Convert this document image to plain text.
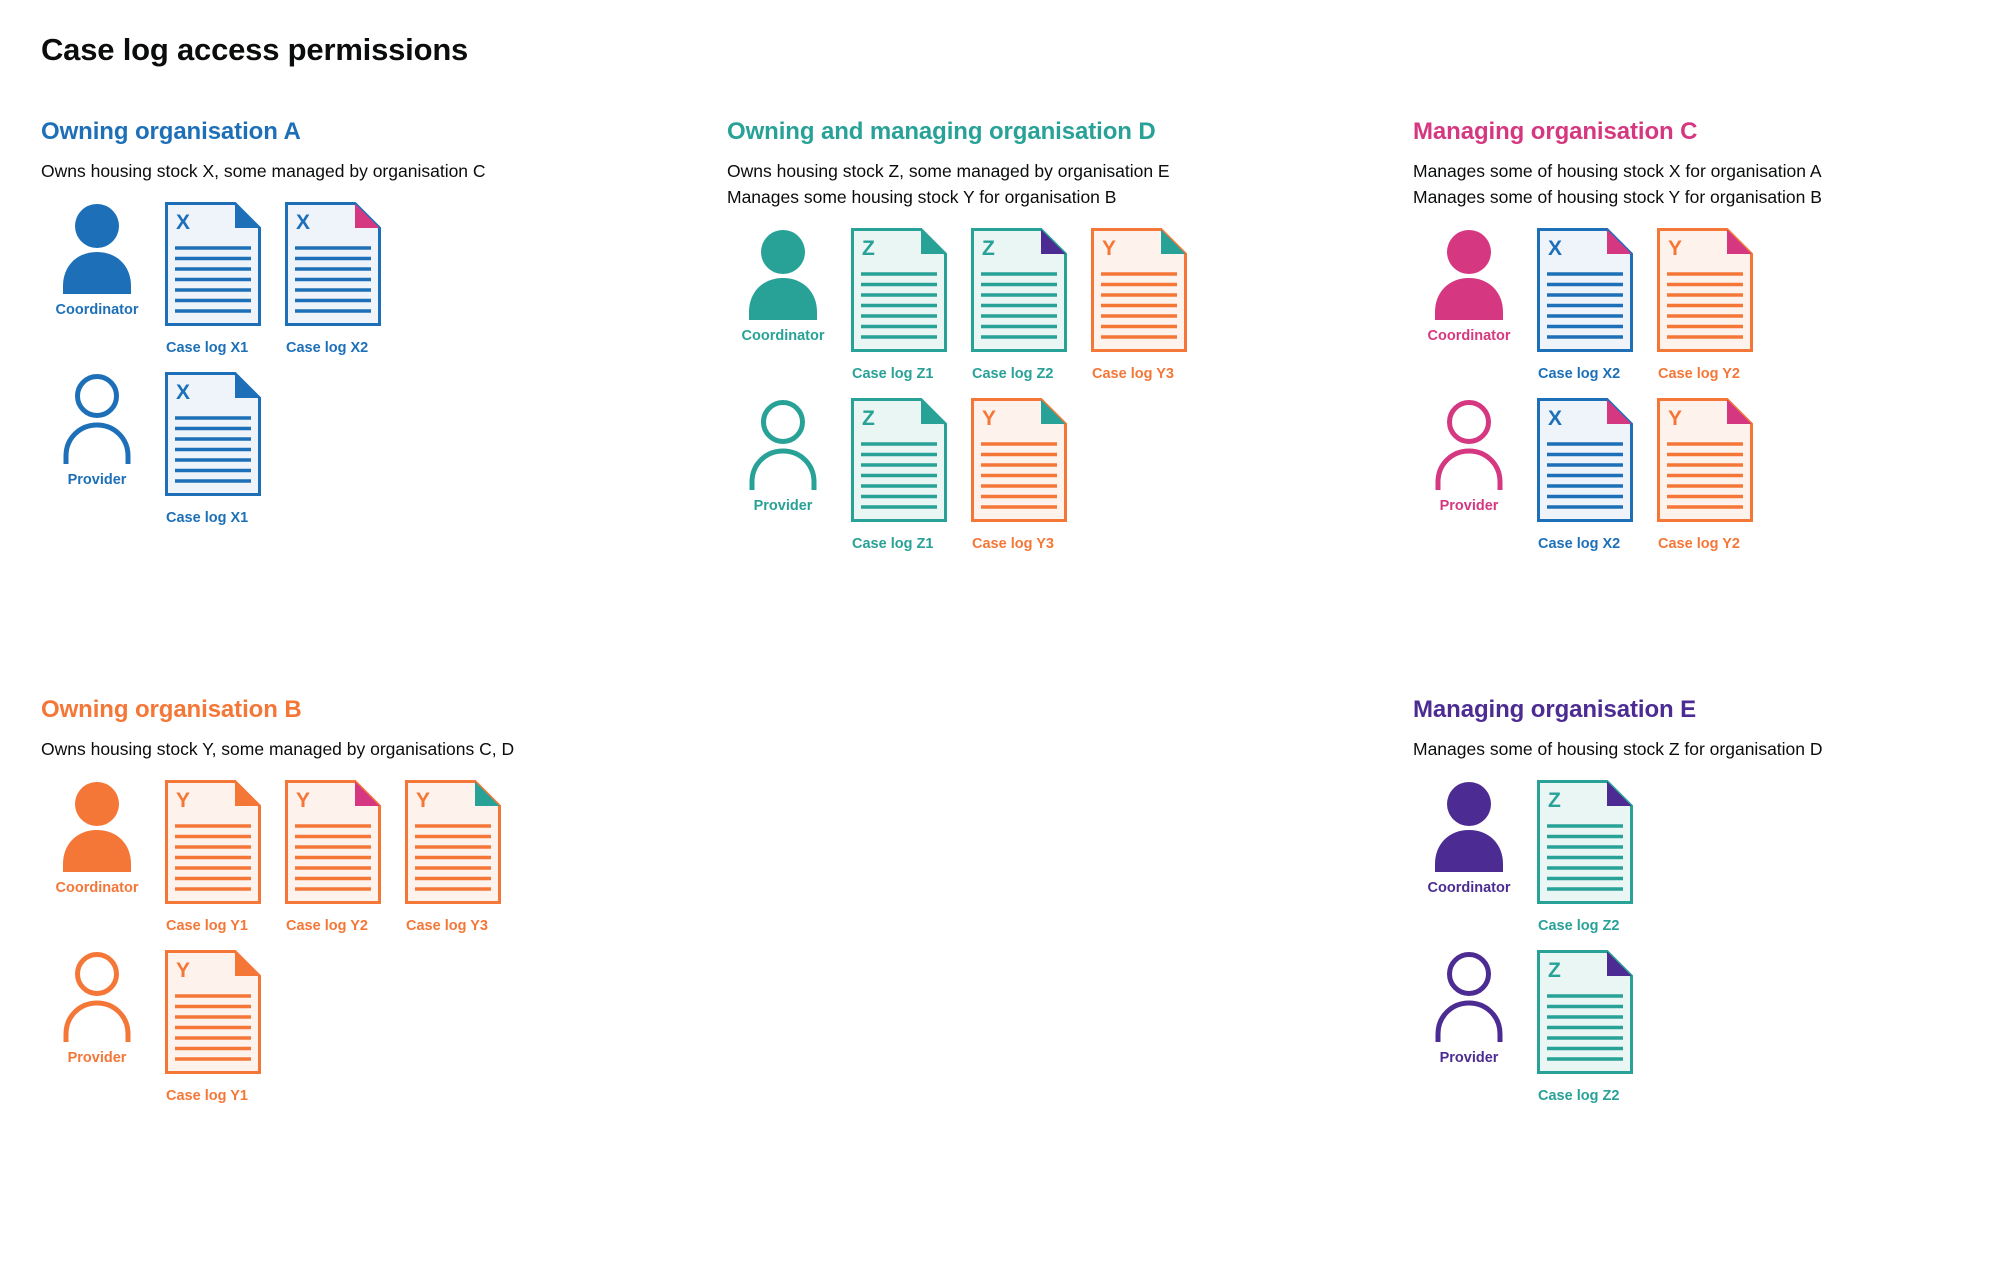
Case log access permissions
Owning organisation A
Owns housing stock X, some managed by organisation C
Coordinator
X
Case log X1
X
Case log X2
Provider
X
Case log X1
Owning and managing organisation D
Owns housing stock Z, some managed by organisation E
Manages some housing stock Y for organisation B
Coordinator
Z
Case log Z1
Z
Case log Z2
Y
Case log Y3
Provider
Z
Case log Z1
Y
Case log Y3
Managing organisation C
Manages some of housing stock X for organisation A
Manages some of housing stock Y for organisation B
Coordinator
X
Case log X2
Y
Case log Y2
Provider
X
Case log X2
Y
Case log Y2
Owning organisation B
Owns housing stock Y, some managed by organisations C, D
Coordinator
Y
Case log Y1
Y
Case log Y2
Y
Case log Y3
Provider
Y
Case log Y1
Managing organisation E
Manages some of housing stock Z for organisation D
Coordinator
Z
Case log Z2
Provider
Z
Case log Z2
